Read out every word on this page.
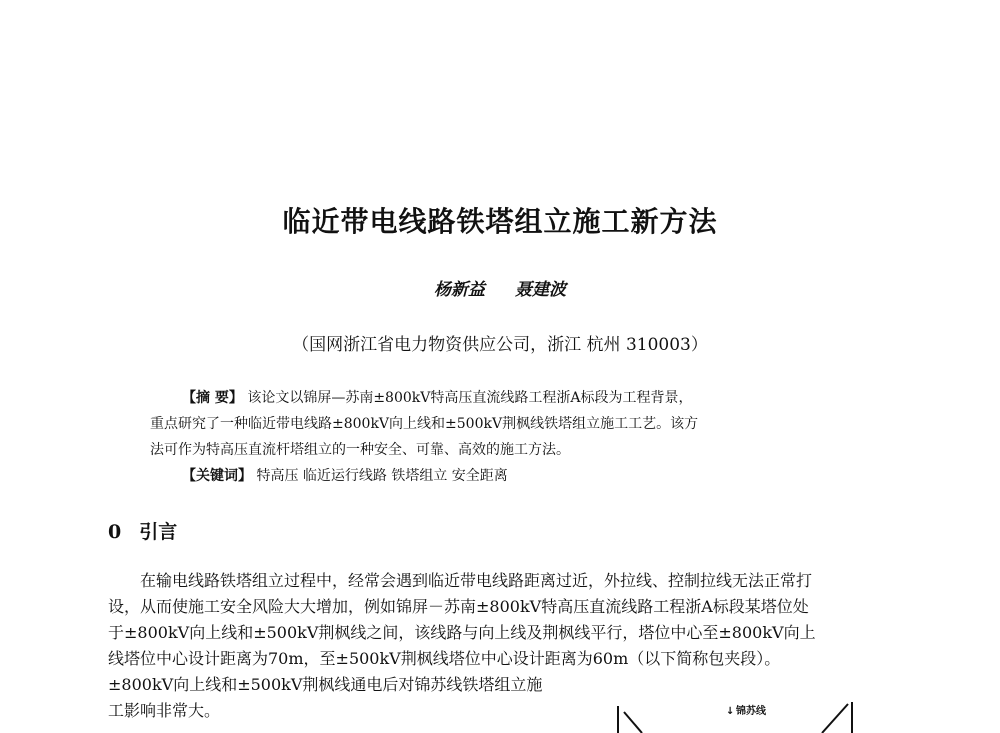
临近带电线路铁塔组立施工新方法
杨新益 聂建波
（国网浙江省电力物资供应公司，浙江 杭州 310003）
【摘 要】 该论文以锦屏—苏南±800kV特高压直流线路工程浙A标段为工程背景，
重点研究了一种临近带电线路±800kV向上线和±500kV荆枫线铁塔组立施工工艺。该方
法可作为特高压直流杆塔组立的一种安全、可靠、高效的施工方法。
【关键词】 特高压 临近运行线路 铁塔组立 安全距离
0 引言
在输电线路铁塔组立过程中，经常会遇到临近带电线路距离过近，外拉线、控制拉线无法正常打
设，从而使施工安全风险大大增加，例如锦屏－苏南±800kV特高压直流线路工程浙A标段某塔位处
于±800kV向上线和±500kV荆枫线之间，该线路与向上线及荆枫线平行，塔位中心至±800kV向上
线塔位中心设计距离为70m，至±500kV荆枫线塔位中心设计距离为60m（以下简称包夹段）。
±800kV向上线和±500kV荆枫线通电后对锦苏线铁塔组立施
工影响非常大。	↓ 锦苏线
